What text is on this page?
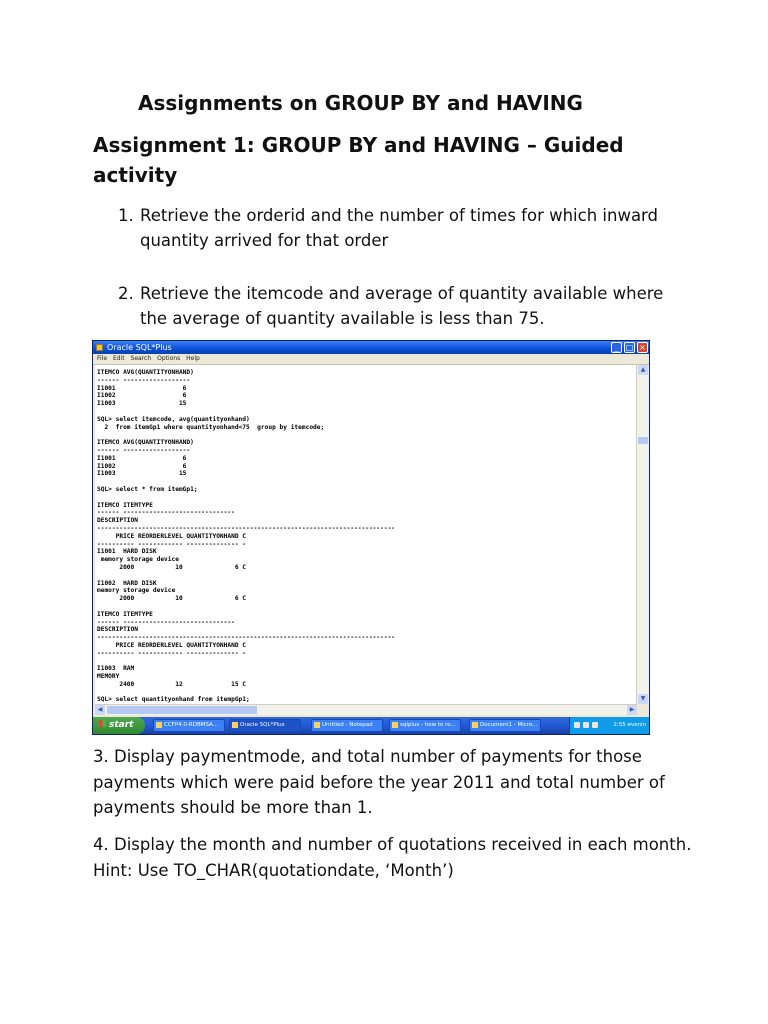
Assignments on GROUP BY and HAVING
Assignment 1: GROUP BY and HAVING – Guided activity
1. Retrieve the orderid and the number of times for which inward quantity arrived for that order
2. Retrieve the itemcode and average of quantity available where the average of quantity available is less than 75.
Oracle SQL*Plus	_ □ ×
File Edit Search Options Help
ITEMCO AVG(QUANTITYONHAND)
------ ------------------
I1001                  6
I1002                  6
I1003                 15
SQL> select itemcode, avg(quantityonhand)
2  from itemGp1 where quantityonhand<75  group by itemcode;
ITEMCO AVG(QUANTITYONHAND)
------ ------------------
I1001                  6
I1002                  6
I1003                 15
SQL> select * from itemGp1;
ITEMCO ITEMTYPE
------ ------------------------------
DESCRIPTION
--------------------------------------------------------------------------------
PRICE REORDERLEVEL QUANTITYONHAND C
---------- ------------ -------------- -
I1001  HARD DISK
memory storage device
2000           10              6 C
I1002  HARD DISK
memory storage device
2000           10              6 C
ITEMCO ITEMTYPE
------ ------------------------------
DESCRIPTION
--------------------------------------------------------------------------------
PRICE REORDERLEVEL QUANTITYONHAND C
---------- ------------ -------------- -
I1003  RAM
MEMORY
2400           12             15 C
SQL> select quantityonhand from itempGp1;
▲
▼
◀	▶
start	CCFP4.0-RDBMSA...	Oracle SQL*Plus	Untitled - Notepad	sqlplus - how to ro...	Document1 - Micro...	2:55 evenin
3. Display paymentmode, and total number of payments for those payments which were paid before the year 2011 and total number of payments should be more than 1.
4. Display the month and number of quotations received in each month. Hint: Use TO_CHAR(quotationdate, ‘Month’)
